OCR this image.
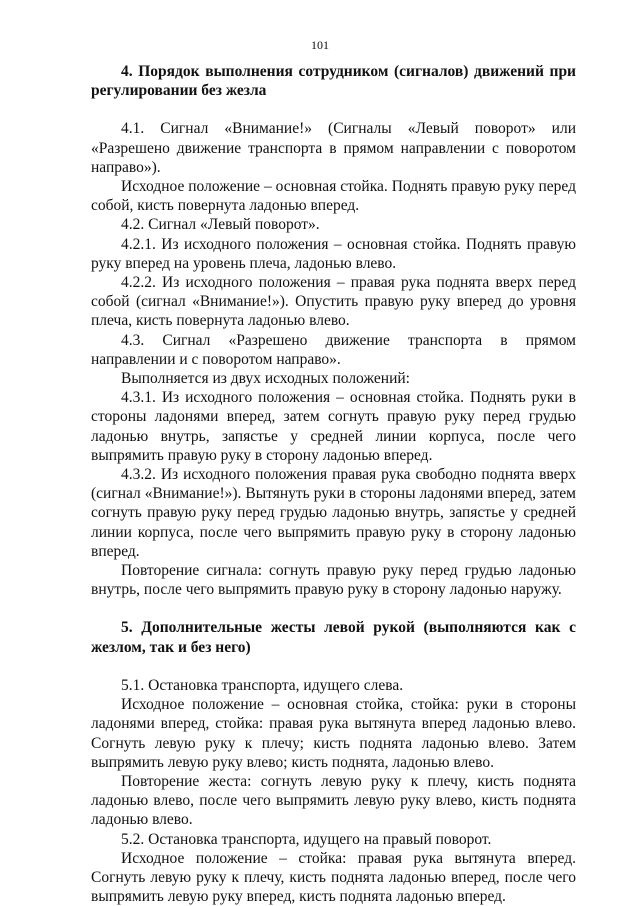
101
4. Порядок выполнения сотрудником (сигналов) движений при регулировании без жезла

4.1. Сигнал «Внимание!» (Сигналы «Левый поворот» или «Разрешено движение транспорта в прямом направлении с поворотом направо»).

Исходное положение – основная стойка. Поднять правую руку перед собой, кисть повернута ладонью вперед.

4.2. Сигнал «Левый поворот».

4.2.1. Из исходного положения – основная стойка. Поднять правую руку вперед на уровень плеча, ладонью влево.

4.2.2. Из исходного положения – правая рука поднята вверх перед собой (сигнал «Внимание!»). Опустить правую руку вперед до уровня плеча, кисть повернута ладонью влево.

4.3. Сигнал «Разрешено движение транспорта в прямом направлении и с поворотом направо».

Выполняется из двух исходных положений:

4.3.1. Из исходного положения – основная стойка. Поднять руки в стороны ладонями вперед, затем согнуть правую руку перед грудью ладонью внутрь, запястье у средней линии корпуса, после чего выпрямить правую руку в сторону ладонью вперед.

4.3.2. Из исходного положения правая рука свободно поднята вверх (сигнал «Внимание!»). Вытянуть руки в стороны ладонями вперед, затем согнуть правую руку перед грудью ладонью внутрь, запястье у средней линии корпуса, после чего выпрямить правую руку в сторону ладонью вперед.

Повторение сигнала: согнуть правую руку перед грудью ладонью внутрь, после чего выпрямить правую руку в сторону ладонью наружу.

5. Дополнительные жесты левой рукой (выполняются как с жезлом, так и без него)

5.1. Остановка транспорта, идущего слева.

Исходное положение – основная стойка, стойка: руки в стороны ладонями вперед, стойка: правая рука вытянута вперед ладонью влево. Согнуть левую руку к плечу; кисть поднята ладонью влево. Затем выпрямить левую руку влево; кисть поднята, ладонью влево.

Повторение жеста: согнуть левую руку к плечу, кисть поднята ладонью влево, после чего выпрямить левую руку влево, кисть поднята ладонью влево.

5.2. Остановка транспорта, идущего на правый поворот.

Исходное положение – стойка: правая рука вытянута вперед. Согнуть левую руку к плечу, кисть поднята ладонью вперед, после чего выпрямить левую руку вперед, кисть поднята ладонью вперед.
